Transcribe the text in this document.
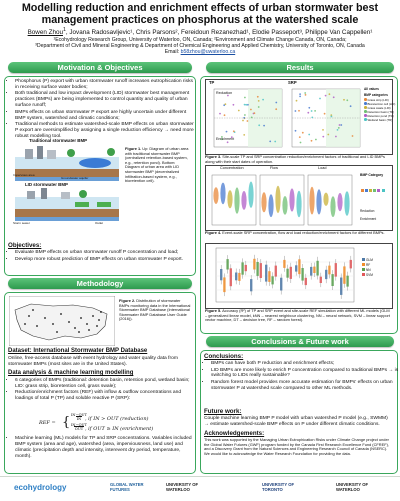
Modelling reduction and enrichment effects of urban stormwater best management practices on phosphorus at the watershed scale
Bowen Zhou$^1$, Jovana Radosavljevic¹, Chris Parsons², Fereidoun Rezanezhad¹, Elodie Passeport³, Philippe Van Cappellen¹
¹Ecohydrology Research Group, University of Waterloo, ON, Canada; ²Environment and Climate Change Canada, ON, Canada;
³Department of Civil and Mineral Engineering & Department of Chemical Engineering and Applied Chemistry, University of Toronto, ON, Canada
Email: b58zhou@uwaterloo.ca
Motivation & Objectives
• Phosphorus (P) export with urban stormwater runoff increases eutrophication risks in receiving surface water bodies;
• Both traditional and low impact development (LID) stormwater best management practices (BMPs) are being implemented to control quantity and quality of urban surface runoff;
• BMPs effects on urban stormwater P export are highly uncertain under different BMP system, watershed and climatic conditions;
• Traditional methods to estimate watershed-scale BMP effects on urban stormwater P export are oversimplified by assigning a single reduction efficiency → need more robust modelling tool.
Traditional stormwater BMP
LID stormwater BMP
Impervious area
Groundwater aquifer
Storm sewer	Outlet
Figure 1. Up: Diagram of urban area with traditional stormwater BMP (centralized retention-based system, e.g., retention pond). Bottom: Diagram of urban area with LID stormwater BMP (decentralized infiltration-based system, e.g., bioretention cell).
Objectives:
• Evaluate BMP effects on urban stormwater runoff P concentration and load;
• Develop more robust prediction of BMP effects on urban stormwater P export.
Methodology
Figure 2. Distribution of stormwater BMPs monitoring data in the International Stormwater BMP Database (International Stormwater BMP Database User Guide (2016)).
Dataset: International Stormwater BMP Database
Online, free-access database with event hydrology and water quality data from stormwater BMPs (most sites are in the United States).
Data analysis & machine learning modelling
• 6 categories of BMPs (traditional: detention basin, retention pond, wetland basin; LID: grass strip, bioretention cell, grass swale);
• Reduction/enrichment factors (REF) with inflow & outflow concentrations and loadings of total P (TP) and soluble reactive P (SRP):
REF = { IN−OUT
IN , if IN > OUT (reduction)
IN−OUT
OUT , if OUT ≥ IN (enrichment)
• Machine learning (ML) models for TP and SRP concentrations. Variables included BMP system (area and age), watershed (area, imperviousness, land use) and climatic (precipitation depth and intensity, interevent dry period, temperature, month).
Results
TP	SRP
Reduction
Enrichment
All values
BMP categories
Grass strip (LID)
Bioretention cell (LID)
Grass swale (LID)
Detention basin (TR)
Retention pond (TR)
Wetland basin (TR)
Figure 3. Site-scale TP and SRP concentration reduction/enrichment factors of traditional and LID BMPs along with their start dates of operation.
Concentration	Flow	Load
BMP Category
Reduction
Enrichment
Figure 4. Event-scale SRP concentration, flow and load reduction/enrichment factors for different BMPs.
GLM
RF
NN
SVM
Figure 5. Accuracy (R²) of TP and SRP event and site-scale REF simulation with different ML models (GLM – generalized linear model, kNN – nearest neighbour clustering, NN – neural network, SVM – linear support vector machine, DT – decision tree, RF – random forest).
Conclusions & Future work
Conclusions:
• BMPs can have both P reduction and enrichment effects;
• LID BMPs are more likely to enrich P concentration compared to traditional BMPs → is switching to LIDs really sustainable?
• Random forest model provides more accurate estimation for BMPs' effects on urban stormwater P at watershed scale compared to other ML methods.
Future work:
Couple machine learning BMP P model with urban watershed P model (e.g., SWMM) → estimate watershed-scale BMP effects on P under different climatic conditions.
Acknowledgements:
This work was supported by the Managing Urban Eutrophication Risks under Climate Change project under the Global Water Futures (GWF) program funded by the Canada First Research Excellence Fund (CFREF), and a Discovery Grant from the Natural Sciences and Engineering Research Council of Canada (NSERC). We would like to acknowledge the Water Research Foundation for providing the data.
ecohydrology	GLOBAL WATER FUTURES
UNIVERSITY OF WATERLOO
UNIVERSITY OF TORONTO
UNIVERSITY OF WATERLOO
